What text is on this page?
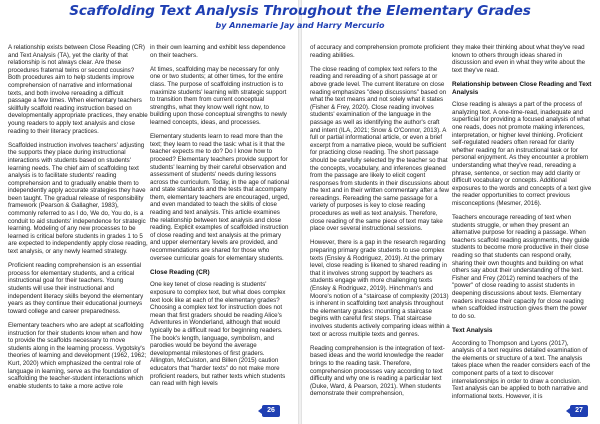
Scaffolding Text Analysis Throughout the Elementary Grades
by Annemarie Jay and Harry Mercurio

A relationship exists between Close Reading (CR) and Text Analysis (TA), yet the clarity of that relationship is not always clear. Are these procedures fraternal twins or second cousins? Both procedures aim to help students improve comprehension of narrative and informational texts, and both involve rereading a difficult passage a few times. When elementary teachers skillfully scaffold reading instruction based on developmentally appropriate practices, they enable young readers to apply text analysis and close reading to their literacy practices.

Scaffolded instruction involves teachers' adjusting the supports they place during instructional interactions with students based on students' learning needs. The chief aim of scaffolding text analysis is to facilitate students' reading comprehension and to gradually enable them to independently apply accurate strategies they have been taught. The gradual release of responsibility framework (Pearson & Gallagher, 1983), commonly referred to as I do, We do, You do, is a conduit to aid students' independence for strategic learning. Modeling of any new processes to be learned is critical before students in grades 1 to 5 are expected to independently apply close reading, text analysis, or any newly learned strategy.

Proficient reading comprehension is an essential process for elementary students, and a critical instructional goal for their teachers. Young students will use their instructional and independent literacy skills beyond the elementary years as they continue their educational journeys toward college and career preparedness.

Elementary teachers who are adept at scaffolding instruction for their students know when and how to provide the scaffolds necessary to move students along in the learning process. Vygotsky's theories of learning and development (1962, 1962; Kurt, 2020) which emphasized the central role of language in learning, serve as the foundation of scaffolding the teacher-student interactions which enable students to take a more active role

in their own learning and exhibit less dependence on their teachers.

At times, scaffolding may be necessary for only one or two students; at other times, for the entire class. The purpose of scaffolding instruction is to maximize students' learning with strategic support to transition them from current conceptual strengths, what they know well right now, to building upon those conceptual strengths to newly learned concepts, ideas, and processes.

Elementary students learn to read more than the text; they learn to read the task: what is it that the teacher expects me to do? Do I know how to proceed? Elementary teachers provide support for students' learning by their careful observation and assessment of students' needs during lessons across the curriculum. Today, in the age of national and state standards and the tests that accompany them, elementary teachers are encouraged, urged, and even mandated to teach the skills of close reading and text analysis. This article examines the relationship between text analysis and close reading. Explicit examples of scaffolded instruction of close reading and text analysis at the primary and upper elementary levels are provided, and recommendations are shared for those who oversee curricular goals for elementary students.

Close Reading (CR)

One key tenet of close reading is students' exposure to complex text, but what does complex text look like at each of the elementary grades? Choosing a complex text for instruction does not mean that first graders should be reading Alice's Adventures in Wonderland, although that would typically be a difficult read for beginning readers. The book's length, language, symbolism, and parodies would be beyond the average developmental milestones of first graders. Allington, McCuiston, and Billen (2015) caution educators that "harder texts" do not make more proficient readers, but rather texts which students can read with high levels

of accuracy and comprehension promote proficient reading abilities.

The close reading of complex text refers to the reading and rereading of a short passage at or above grade level. The current literature on close reading emphasizes "deep discussions" based on what the text means and not solely what it states (Fisher & Frey, 2020). Close reading involves students' examination of the language in the passage as well as identifying the author's craft and intent (ILA, 2021; Snow & O'Connor, 2013). A full or partial informational article, or even a brief excerpt from a narrative piece, would be sufficient for practicing close reading. The short passage should be carefully selected by the teacher so that the concepts, vocabulary, and inferences gleaned from the passage are likely to elicit cogent responses from students in their discussions about the text and in their written commentary after a few rereadings. Rereading the same passage for a variety of purposes is key to close reading procedures as well as text analysis. Therefore, close reading of the same piece of text may take place over several instructional sessions.

However, there is a gap in the research regarding preparing primary grade students to use complex texts (Ensley & Rodriguez, 2019). At the primary level, close reading is likened to shared reading in that it involves strong support by teachers as students engage with more challenging texts (Ensley & Rodriguez, 2019). Hinchman's and Moore's notion of a "staircase of complexity (2013) is inherent in scaffolding text analysis throughout the elementary grades: mounting a staircase begins with careful first steps. That staircase involves students actively comparing ideas within a text or across multiple texts and genres.

Reading comprehension is the integration of text-based ideas and the world knowledge the reader brings to the reading task. Therefore, comprehension processes vary according to text difficulty and why one is reading a particular text (Duke, Ward, & Pearson, 2021). When students demonstrate their comprehension,

they make their thinking about what they've read known to others through ideas shared in discussion and even in what they write about the text they've read.

Relationship between Close Reading and Text Analysis

Close reading is always a part of the process of analyzing text. A one-time-read, inadequate and superficial for providing a focused analysis of what one reads, does not promote making inferences, interpretation, or higher level thinking. Proficient self-regulated readers often reread for clarity whether reading for an instructional task or for personal enjoyment. As they encounter a problem understanding what they've read, rereading a phrase, sentence, or section may add clarity or difficult vocabulary or concepts. Additional exposures to the words and concepts of a text give the reader opportunities to correct previous misconceptions (Mesmer, 2016).

Teachers encourage rereading of text when students struggle, or when they present an alternative purpose for reading a passage. When teachers scaffold reading assignments, they guide students to become more productive in their close reading so that students can respond orally, sharing their own thoughts and building on what others say about their understanding of the text. Fisher and Frey (2012) remind teachers of the "power" of close reading to assist students in deepening discussions about texts. Elementary readers increase their capacity for close reading when scaffolded instruction gives them the power to do so.

Text Analysis

According to Thompson and Lyons (2017), analysis of a text requires detailed examination of the elements or structure of a text. The analysis takes place when the reader considers each of the component parts of a text to discover interrelationships in order to draw a conclusion. Text analysis can be applied to both narrative and informational texts. However, it is

26	27
